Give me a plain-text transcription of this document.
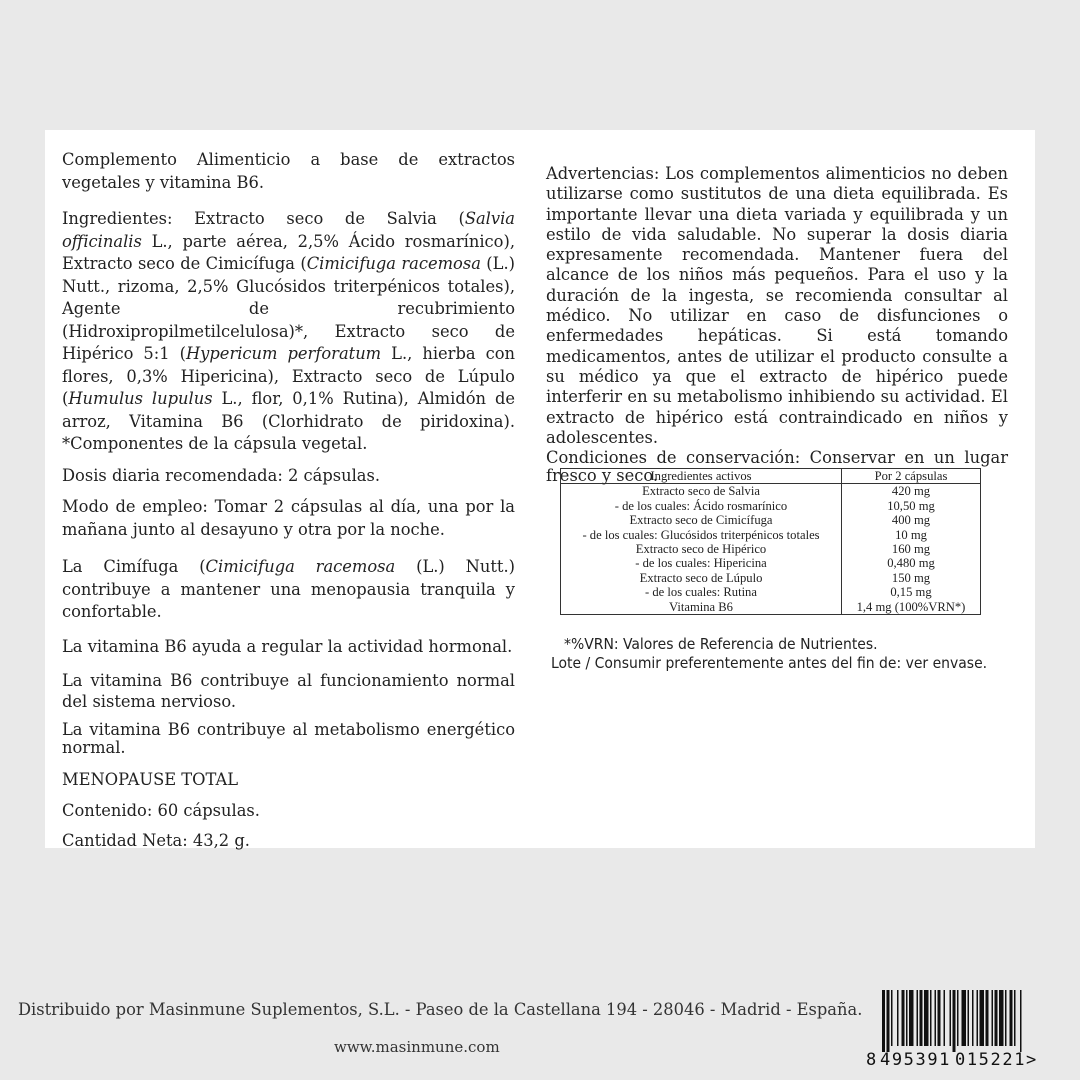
Complemento Alimenticio a base de extractos vegetales y vitamina B6.

Ingredientes: Extracto seco de Salvia (Salvia officinalis L., parte aérea, 2,5% Ácido rosmarínico), Extracto seco de Cimicífuga (Cimicifuga racemosa (L.) Nutt., rizoma, 2,5% Glucósidos triterpénicos totales), Agente de recubrimiento (Hidroxipropilmetilcelulosa)*, Extracto seco de Hipérico 5:1 (Hypericum perforatum L., hierba con flores, 0,3% Hipericina), Extracto seco de Lúpulo (Humulus lupulus L., flor, 0,1% Rutina), Almidón de arroz, Vitamina B6 (Clorhidrato de piridoxina). *Componentes de la cápsula vegetal.

Dosis diaria recomendada: 2 cápsulas.

Modo de empleo: Tomar 2 cápsulas al día, una por la mañana junto al desayuno y otra por la noche.

La Cimífuga (Cimicifuga racemosa (L.) Nutt.) contribuye a mantener una menopausia tranquila y confortable.

La vitamina B6 ayuda a regular la actividad hormonal.

La vitamina B6 contribuye al funcionamiento normal del sistema nervioso.

La vitamina B6 contribuye al metabolismo energético normal.

MENOPAUSE TOTAL

Contenido: 60 cápsulas.

Cantidad Neta: 43,2 g.

Advertencias: Los complementos alimenticios no deben utilizarse como sustitutos de una dieta equilibrada. Es importante llevar una dieta variada y equilibrada y un estilo de vida saludable. No superar la dosis diaria expresamente recomendada. Mantener fuera del alcance de los niños más pequeños. Para el uso y la duración de la ingesta, se recomienda consultar al médico. No utilizar en caso de disfunciones o enfermedades hepáticas. Si está tomando medicamentos, antes de utilizar el producto consulte a su médico ya que el extracto de hipérico puede interferir en su metabolismo inhibiendo su actividad. El extracto de hipérico está contraindicado en niños y adolescentes.

Condiciones de conservación: Conservar en un lugar fresco y seco.

Ingredientes activos	Por 2 cápsulas
Extracto seco de Salvia	420 mg
- de los cuales: Ácido rosmarínico	10,50 mg
Extracto seco de Cimicífuga	400 mg
- de los cuales: Glucósidos triterpénicos totales	10 mg
Extracto seco de Hipérico	160 mg
- de los cuales: Hipericina	0,480 mg
Extracto seco de Lúpulo	150 mg
- de los cuales: Rutina	0,15 mg
Vitamina B6	1,4 mg (100%VRN*)
*%VRN: Valores de Referencia de Nutrientes.
Lote / Consumir preferentemente antes del fin de: ver envase.
Distribuido por Masinmune Suplementos, S.L. - Paseo de la Castellana 194 - 28046 - Madrid - España.
www.masinmune.com
8 495391 015221>
